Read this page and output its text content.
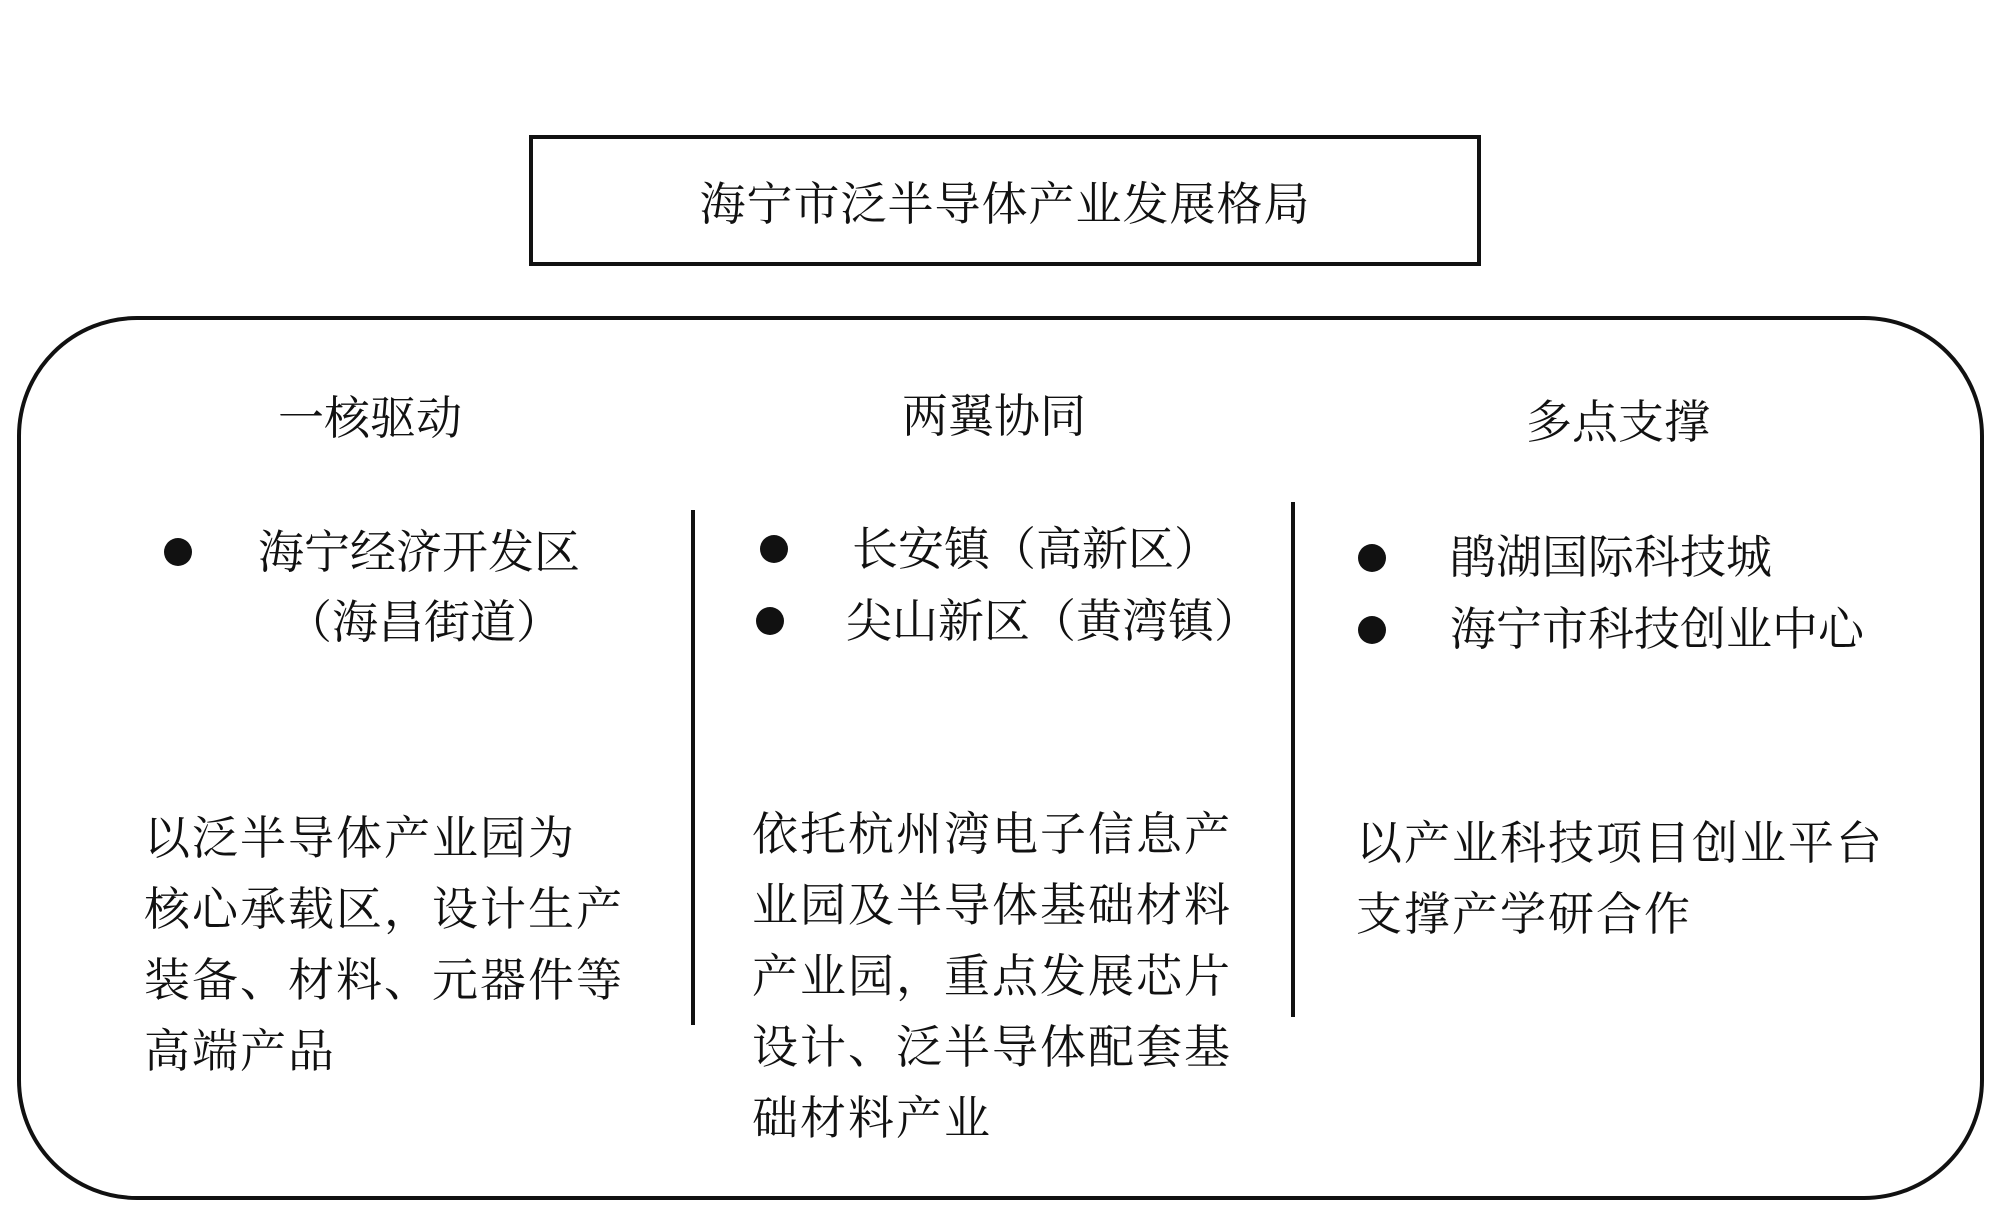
海宁市泛半导体产业发展格局
一核驱动
海宁经济开发区
（海昌街道）
以泛半导体产业园为
核心承载区，设计生产
装备、材料、元器件等
高端产品
两翼协同
长安镇（高新区）
尖山新区（黄湾镇）
依托杭州湾电子信息产
业园及半导体基础材料
产业园，重点发展芯片
设计、泛半导体配套基
础材料产业
多点支撑
鹃湖国际科技城
海宁市科技创业中心
以产业科技项目创业平台
支撑产学研合作
